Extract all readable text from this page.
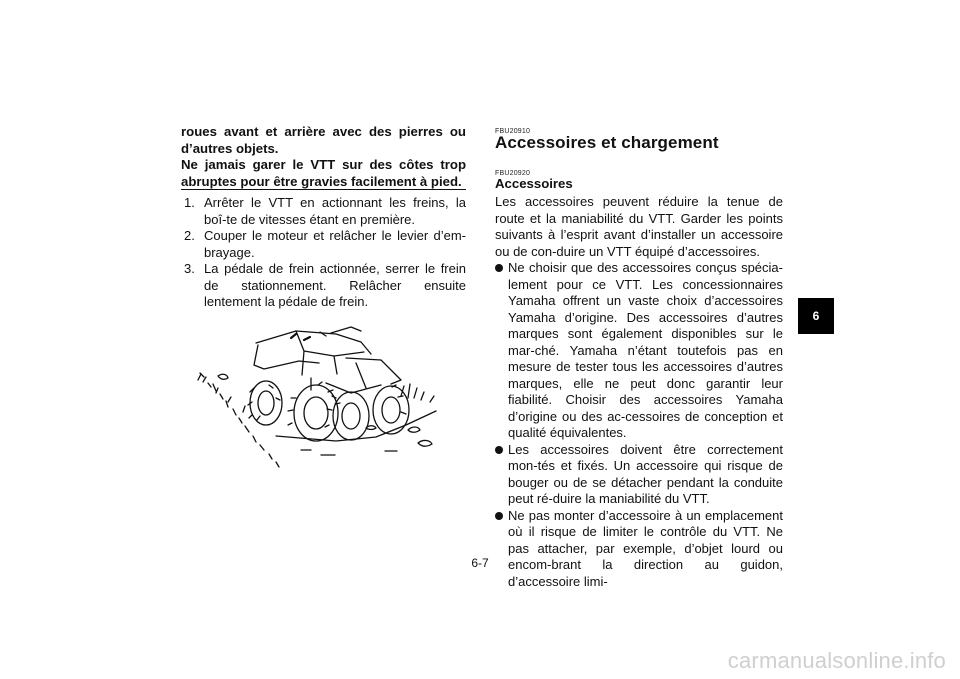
roues avant et arrière avec des pierres ou d’autres objets.

Ne jamais garer le VTT sur des côtes trop abruptes pour être gravies facilement à pied.

1. Arrêter le VTT en actionnant les freins, la boî-te de vitesses étant en première.
2. Couper le moteur et relâcher le levier d’em-brayage.
3. La pédale de frein actionnée, serrer le frein de stationnement. Relâcher ensuite lentement la pédale de frein.
FBU20910
Accessoires et chargement
FBU20920
Accessoires

Les accessoires peuvent réduire la tenue de route et la maniabilité du VTT. Garder les points suivants à l’esprit avant d’installer un accessoire ou de con-duire un VTT équipé d’accessoires.

Ne choisir que des accessoires conçus spécia-lement pour ce VTT. Les concessionnaires Yamaha offrent un vaste choix d’accessoires Yamaha d’origine. Des accessoires d’autres marques sont également disponibles sur le mar-ché. Yamaha n’étant toutefois pas en mesure de tester tous les accessoires d’autres marques, elle ne peut donc garantir leur fiabilité. Choisir des accessoires Yamaha d’origine ou des ac-cessoires de conception et qualité équivalentes.
Les accessoires doivent être correctement mon-tés et fixés. Un accessoire qui risque de bouger ou de se détacher pendant la conduite peut ré-duire la maniabilité du VTT.
Ne pas monter d’accessoire à un emplacement où il risque de limiter le contrôle du VTT. Ne pas attacher, par exemple, d’objet lourd ou encom-brant la direction au guidon, d’accessoire limi-
6
6-7
carmanualsonline.info
